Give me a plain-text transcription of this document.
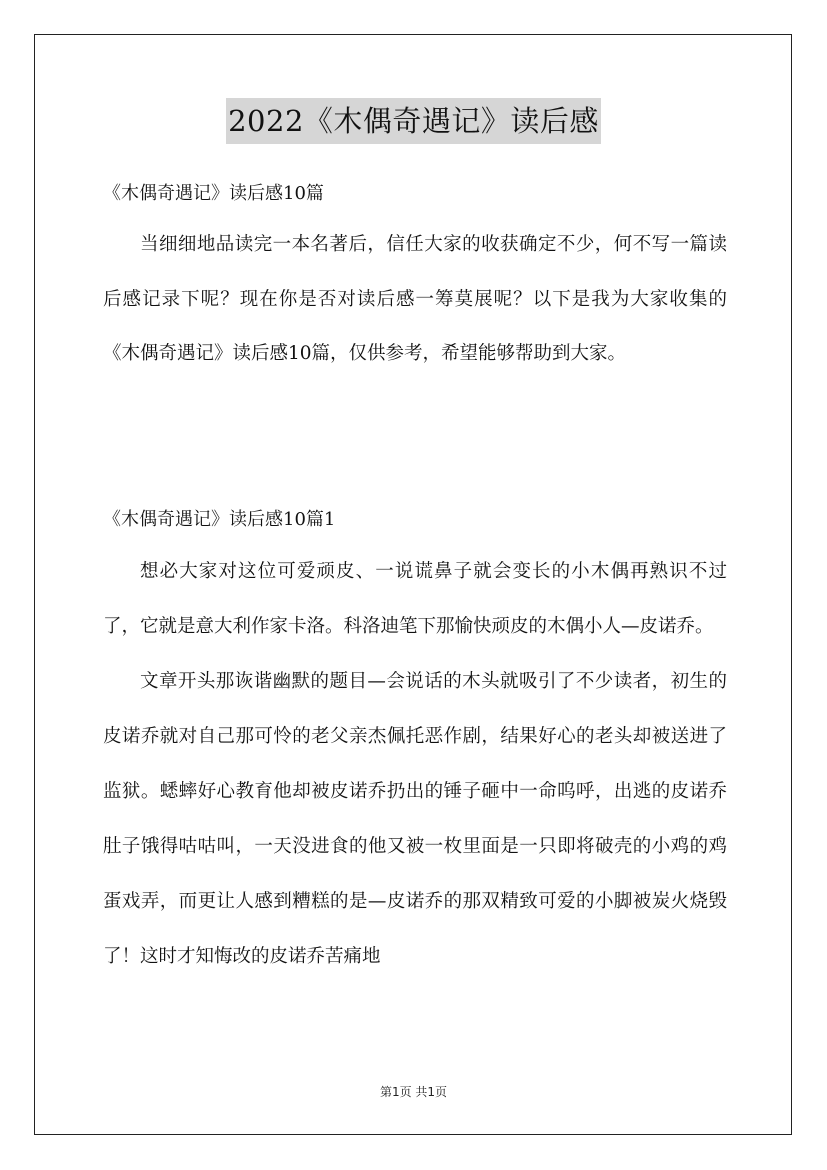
2022《木偶奇遇记》读后感
《木偶奇遇记》读后感10篇

当细细地品读完一本名著后，信任大家的收获确定不少，何不写一篇读后感记录下呢？现在你是否对读后感一筹莫展呢？以下是我为大家收集的《木偶奇遇记》读后感10篇，仅供参考，希望能够帮助到大家。

《木偶奇遇记》读后感10篇1

想必大家对这位可爱顽皮、一说谎鼻子就会变长的小木偶再熟识不过了，它就是意大利作家卡洛。科洛迪笔下那愉快顽皮的木偶小人—皮诺乔。

文章开头那诙谐幽默的题目—会说话的木头就吸引了不少读者，初生的皮诺乔就对自己那可怜的老父亲杰佩托恶作剧，结果好心的老头却被送进了监狱。蟋蟀好心教育他却被皮诺乔扔出的锤子砸中一命呜呼，出逃的皮诺乔肚子饿得咕咕叫，一天没进食的他又被一枚里面是一只即将破壳的小鸡的鸡蛋戏弄，而更让人感到糟糕的是—皮诺乔的那双精致可爱的小脚被炭火烧毁了！这时才知悔改的皮诺乔苦痛地

第1页 共1页
